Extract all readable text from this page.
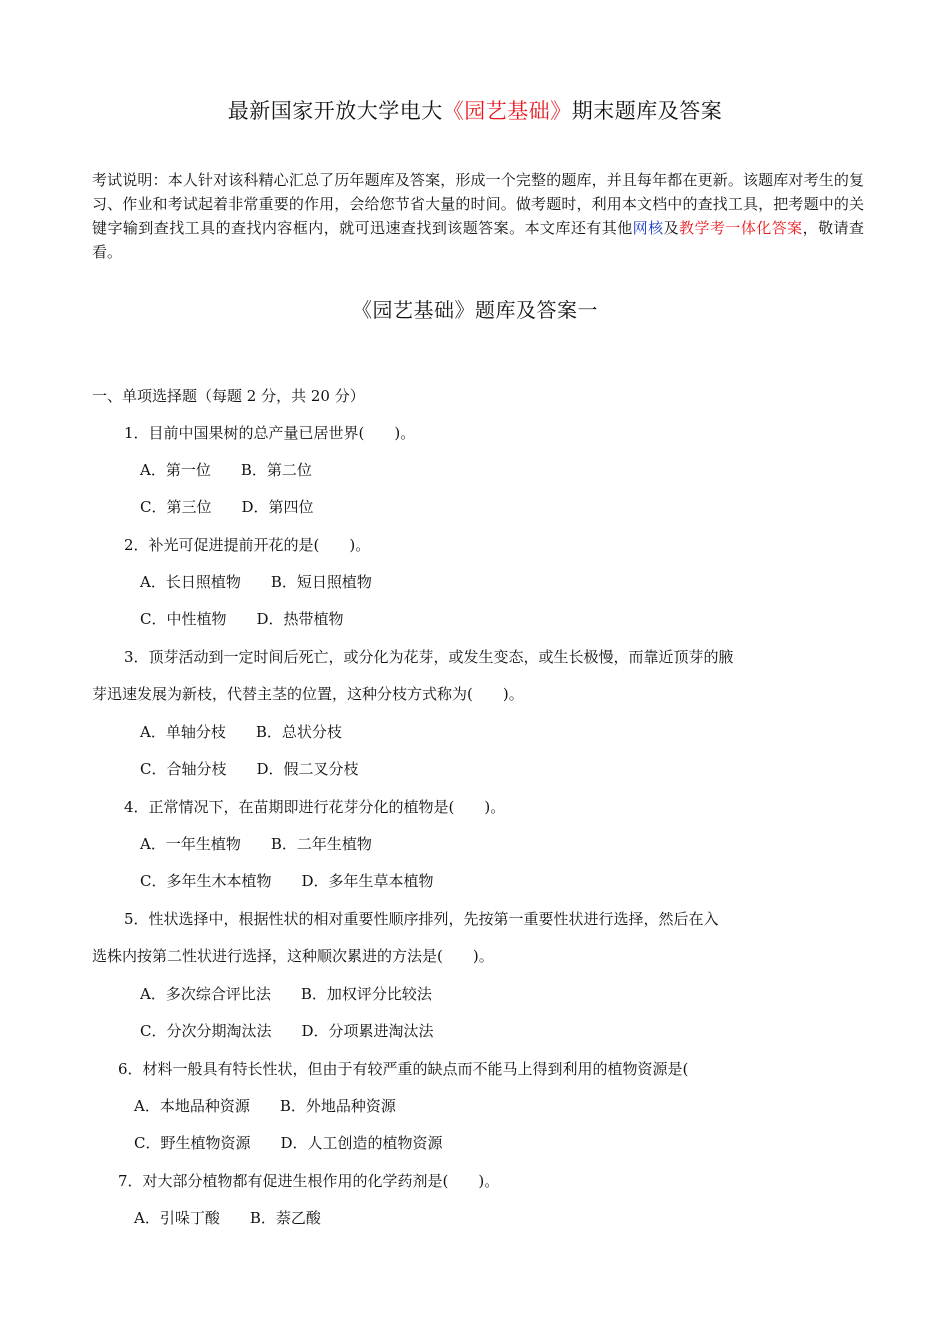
最新国家开放大学电大《园艺基础》期末题库及答案
考试说明：本人针对该科精心汇总了历年题库及答案，形成一个完整的题库，并且每年都在更新。该题库对考生的复习、作业和考试起着非常重要的作用，会给您节省大量的时间。做考题时，利用本文档中的查找工具，把考题中的关键字输到查找工具的查找内容框内，就可迅速查找到该题答案。本文库还有其他网核及教学考一体化答案，敬请查看。
《园艺基础》题库及答案一
一、单项选择题（每题 2 分，共 20 分）
1．目前中国果树的总产量已居世界(　　)。
A．第一位 B．第二位
C．第三位 D．第四位
2．补光可促进提前开花的是(　　)。
A．长日照植物 B．短日照植物
C．中性植物 D．热带植物
3．顶芽活动到一定时间后死亡，或分化为花芽，或发生变态，或生长极慢，而靠近顶芽的腋
芽迅速发展为新枝，代替主茎的位置，这种分枝方式称为(　　)。
A．单轴分枝 B．总状分枝
C．合轴分枝 D．假二叉分枝
4．正常情况下，在苗期即进行花芽分化的植物是(　　)。
A．一年生植物 B．二年生植物
C．多年生木本植物 D．多年生草本植物
5．性状选择中，根据性状的相对重要性顺序排列，先按第一重要性状进行选择，然后在入
选株内按第二性状进行选择，这种顺次累进的方法是(　　)。
A．多次综合评比法 B．加权评分比较法
C．分次分期淘汰法 D．分项累进淘汰法
6．材料一般具有特长性状，但由于有较严重的缺点而不能马上得到利用的植物资源是(
A．本地品种资源 B．外地品种资源
C．野生植物资源 D．人工创造的植物资源
7．对大部分植物都有促进生根作用的化学药剂是(　　)。
A．引哚丁酸 B．萘乙酸
